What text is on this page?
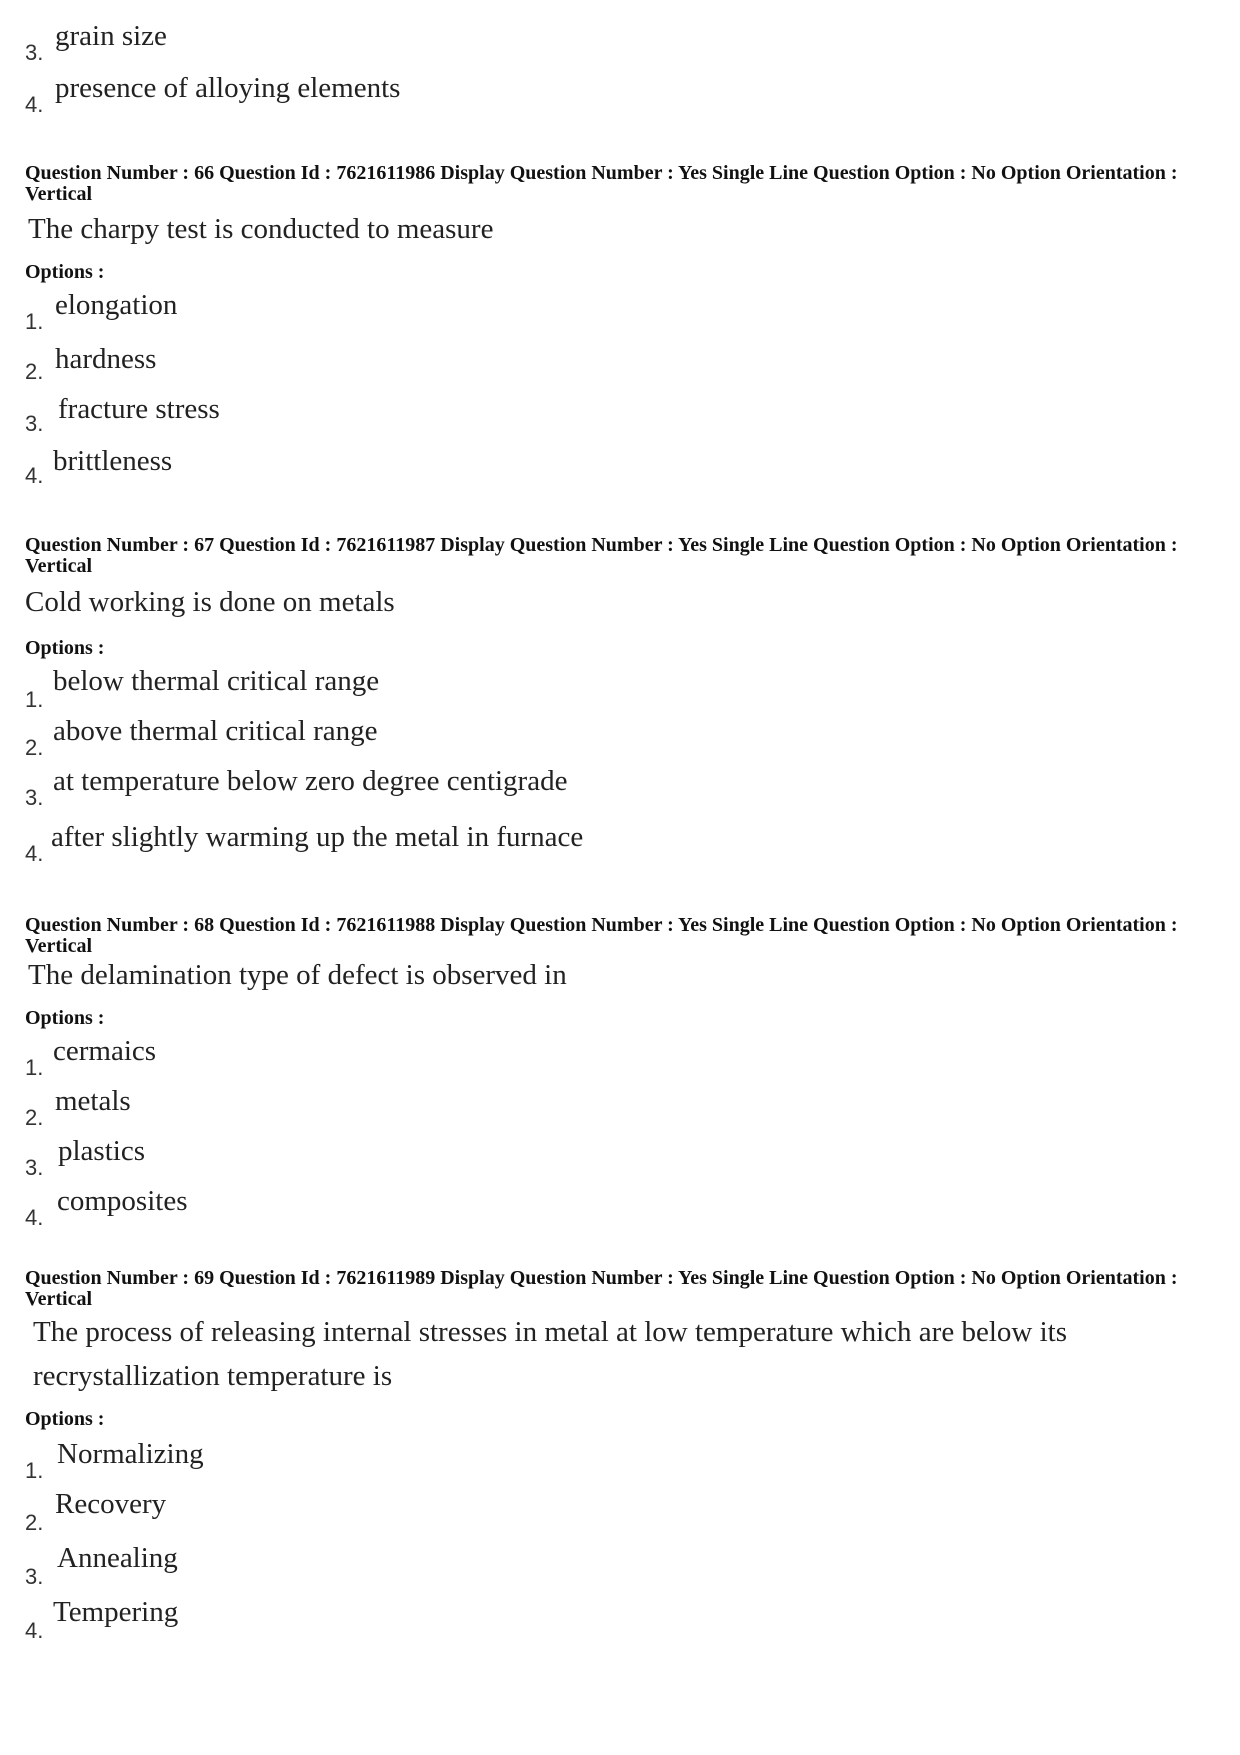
3.
grain size
4.
presence of alloying elements
Question Number : 66 Question Id : 7621611986 Display Question Number : Yes Single Line Question Option : No Option Orientation : Vertical
The charpy test is conducted to measure
Options :
1.
elongation
2. hardness
3. fracture stress
4. brittleness
Question Number : 67 Question Id : 7621611987 Display Question Number : Yes Single Line Question Option : No Option Orientation : Vertical
Cold working is done on metals
Options :
1.
below thermal critical range
2.
above thermal critical range
3.
at temperature below zero degree centigrade
4.
after slightly warming up the metal in furnace
Question Number : 68 Question Id : 7621611988 Display Question Number : Yes Single Line Question Option : No Option Orientation : Vertical
The delamination type of defect is observed in
Options :
1.
cermaics
2.
metals
3.
plastics
4.
composites
Question Number : 69 Question Id : 7621611989 Display Question Number : Yes Single Line Question Option : No Option Orientation : Vertical
The process of releasing internal stresses in metal at low temperature which are below its recrystallization temperature is
Options :
1.
Normalizing
2.
Recovery
3.
Annealing
4.
Tempering
